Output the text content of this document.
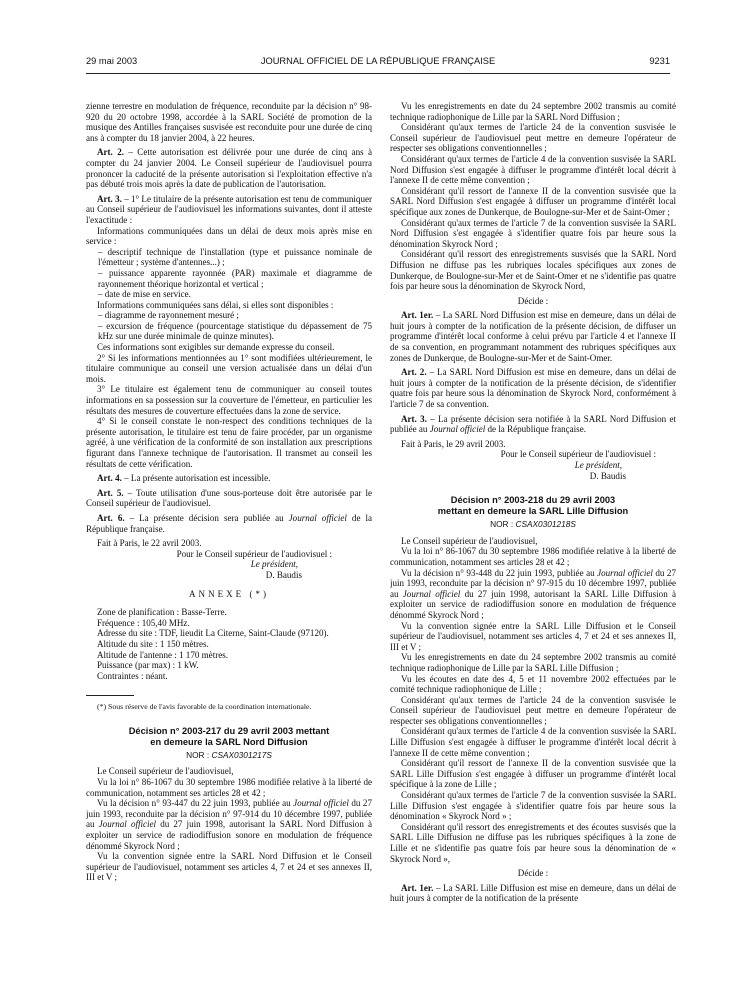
29 mai 2003	JOURNAL OFFICIEL DE LA RÉPUBLIQUE FRANÇAISE	9231

zienne terrestre en modulation de fréquence, reconduite par la décision n° 98-920 du 20 octobre 1998, accordée à la SARL Société de promotion de la musique des Antilles françaises susvisée est reconduite pour une durée de cinq ans à compter du 18 janvier 2004, à 22 heures.

Art. 2. – Cette autorisation est délivrée pour une durée de cinq ans à compter du 24 janvier 2004. Le Conseil supérieur de l'audiovisuel pourra prononcer la caducité de la présente autorisation si l'exploitation effective n'a pas débuté trois mois après la date de publication de l'autorisation.

Art. 3. – 1° Le titulaire de la présente autorisation est tenu de communiquer au Conseil supérieur de l'audiovisuel les informations suivantes, dont il atteste l'exactitude :

Informations communiquées dans un délai de deux mois après mise en service :

– descriptif technique de l'installation (type et puissance nominale de l'émetteur ; système d'antennes...) ;

– puissance apparente rayonnée (PAR) maximale et diagramme de rayonnement théorique horizontal et vertical ;

– date de mise en service.

Informations communiquées sans délai, si elles sont disponibles :

– diagramme de rayonnement mesuré ;

– excursion de fréquence (pourcentage statistique du dépassement de 75 kHz sur une durée minimale de quinze minutes).

Ces informations sont exigibles sur demande expresse du conseil.

2° Si les informations mentionnées au 1° sont modifiées ultérieurement, le titulaire communique au conseil une version actualisée dans un délai d'un mois.

3° Le titulaire est également tenu de communiquer au conseil toutes informations en sa possession sur la couverture de l'émetteur, en particulier les résultats des mesures de couverture effectuées dans la zone de service.

4° Si le conseil constate le non-respect des conditions techniques de la présente autorisation, le titulaire est tenu de faire procéder, par un organisme agréé, à une vérification de la conformité de son installation aux prescriptions figurant dans l'annexe technique de l'autorisation. Il transmet au conseil les résultats de cette vérification.

Art. 4. – La présente autorisation est incessible.

Art. 5. – Toute utilisation d'une sous-porteuse doit être autorisée par le Conseil supérieur de l'audiovisuel.

Art. 6. – La présente décision sera publiée au Journal officiel de la République française.

Fait à Paris, le 22 avril 2003.

Pour le Conseil supérieur de l'audiovisuel :

Le président,

D. Baudis

ANNEXE (*)

Zone de planification : Basse-Terre.

Fréquence : 105,40 MHz.

Adresse du site : TDF, lieudit La Citerne, Saint-Claude (97120).

Altitude du site : 1 150 mètres.

Altitude de l'antenne : 1 170 mètres.

Puissance (par max) : 1 kW.

Contraintes : néant.

(*) Sous réserve de l'avis favorable de la coordination internationale.

Décision n° 2003-217 du 29 avril 2003 mettant
en demeure la SARL Nord Diffusion
NOR : CSAX0301217S

Le Conseil supérieur de l'audiovisuel,

Vu la loi n° 86-1067 du 30 septembre 1986 modifiée relative à la liberté de communication, notamment ses articles 28 et 42 ;

Vu la décision n° 93-447 du 22 juin 1993, publiée au Journal officiel du 27 juin 1993, reconduite par la décision n° 97-914 du 10 décembre 1997, publiée au Journal officiel du 27 juin 1998, autorisant la SARL Nord Diffusion à exploiter un service de radiodiffusion sonore en modulation de fréquence dénommé Skyrock Nord ;

Vu la convention signée entre la SARL Nord Diffusion et le Conseil supérieur de l'audiovisuel, notamment ses articles 4, 7 et 24 et ses annexes II, III et V ;

Vu les enregistrements en date du 24 septembre 2002 transmis au comité technique radiophonique de Lille par la SARL Nord Diffusion ;

Considérant qu'aux termes de l'article 24 de la convention susvisée le Conseil supérieur de l'audiovisuel peut mettre en demeure l'opérateur de respecter ses obligations conventionnelles ;

Considérant qu'aux termes de l'article 4 de la convention susvisée la SARL Nord Diffusion s'est engagée à diffuser le programme d'intérêt local décrit à l'annexe II de cette même convention ;

Considérant qu'il ressort de l'annexe II de la convention susvisée que la SARL Nord Diffusion s'est engagée à diffuser un programme d'intérêt local spécifique aux zones de Dunkerque, de Boulogne-sur-Mer et de Saint-Omer ;

Considérant qu'aux termes de l'article 7 de la convention susvisée la SARL Nord Diffusion s'est engagée à s'identifier quatre fois par heure sous la dénomination Skyrock Nord ;

Considérant qu'il ressort des enregistrements susvisés que la SARL Nord Diffusion ne diffuse pas les rubriques locales spécifiques aux zones de Dunkerque, de Boulogne-sur-Mer et de Saint-Omer et ne s'identifie pas quatre fois par heure sous la dénomination de Skyrock Nord,

Décide :

Art. 1er. – La SARL Nord Diffusion est mise en demeure, dans un délai de huit jours à compter de la notification de la présente décision, de diffuser un programme d'intérêt local conforme à celui prévu par l'article 4 et l'annexe II de sa convention, en programmant notamment des rubriques spécifiques aux zones de Dunkerque, de Boulogne-sur-Mer et de Saint-Omer.

Art. 2. – La SARL Nord Diffusion est mise en demeure, dans un délai de huit jours à compter de la notification de la présente décision, de s'identifier quatre fois par heure sous la dénomination de Skyrock Nord, conformément à l'article 7 de sa convention.

Art. 3. – La présente décision sera notifiée à la SARL Nord Diffusion et publiée au Journal officiel de la République française.

Fait à Paris, le 29 avril 2003.

Pour le Conseil supérieur de l'audiovisuel :

Le président,

D. Baudis

Décision n° 2003-218 du 29 avril 2003
mettant en demeure la SARL Lille Diffusion
NOR : CSAX0301218S

Le Conseil supérieur de l'audiovisuel,

Vu la loi n° 86-1067 du 30 septembre 1986 modifiée relative à la liberté de communication, notamment ses articles 28 et 42 ;

Vu la décision n° 93-448 du 22 juin 1993, publiée au Journal officiel du 27 juin 1993, reconduite par la décision n° 97-915 du 10 décembre 1997, publiée au Journal officiel du 27 juin 1998, autorisant la SARL Lille Diffusion à exploiter un service de radiodiffusion sonore en modulation de fréquence dénommé Skyrock Nord ;

Vu la convention signée entre la SARL Lille Diffusion et le Conseil supérieur de l'audiovisuel, notamment ses articles 4, 7 et 24 et ses annexes II, III et V ;

Vu les enregistrements en date du 24 septembre 2002 transmis au comité technique radiophonique de Lille par la SARL Lille Diffusion ;

Vu les écoutes en date des 4, 5 et 11 novembre 2002 effectuées par le comité technique radiophonique de Lille ;

Considérant qu'aux termes de l'article 24 de la convention susvisée le Conseil supérieur de l'audiovisuel peut mettre en demeure l'opérateur de respecter ses obligations conventionnelles ;

Considérant qu'aux termes de l'article 4 de la convention susvisée la SARL Lille Diffusion s'est engagée à diffuser le programme d'intérêt local décrit à l'annexe II de cette même convention ;

Considérant qu'il ressort de l'annexe II de la convention susvisée que la SARL Lille Diffusion s'est engagée à diffuser un programme d'intérêt local spécifique à la zone de Lille ;

Considérant qu'aux termes de l'article 7 de la convention susvisée la SARL Lille Diffusion s'est engagée à s'identifier quatre fois par heure sous la dénomination « Skyrock Nord » ;

Considérant qu'il ressort des enregistrements et des écoutes susvisés que la SARL Lille Diffusion ne diffuse pas les rubriques spécifiques à la zone de Lille et ne s'identifie pas quatre fois par heure sous la dénomination de « Skyrock Nord »,

Décide :

Art. 1er. – La SARL Lille Diffusion est mise en demeure, dans un délai de huit jours à compter de la notification de la présente
